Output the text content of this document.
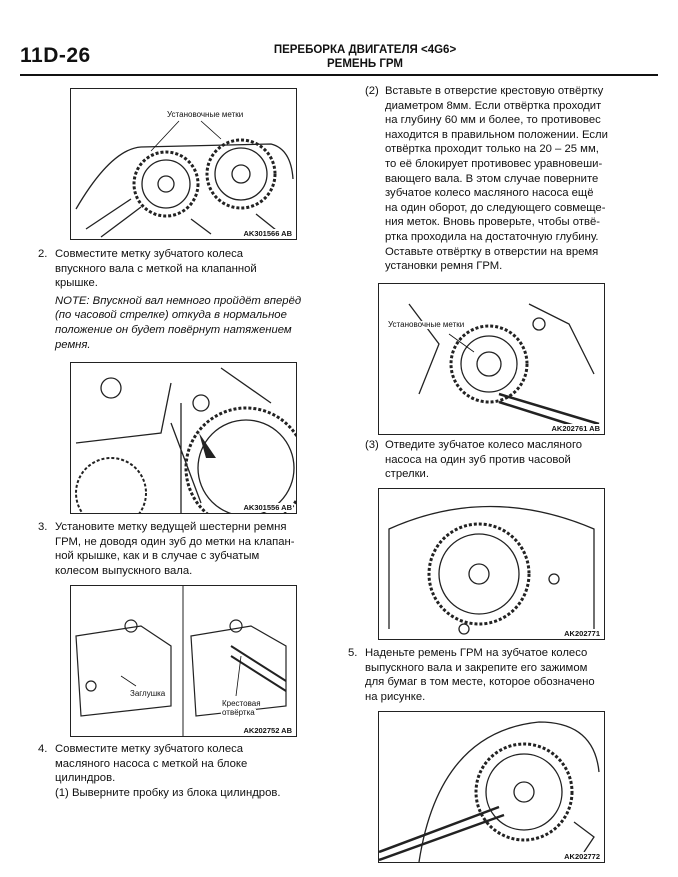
11D-26	ПЕРЕБОРКА ДВИГАТЕЛЯ <4G6>
РЕМЕНЬ ГРМ
Установочные метки
AK301566 AB
2. Совместите метку зубчатого колеса
впускного вала с меткой на клапанной
крышке.
NOTE: Впускной вал немного пройдёт вперёд
(по часовой стрелке) откуда в нормальное
положение он будет повёрнут натяжением
ремня.
AK301556 AB
3. Установите метку ведущей шестерни ремня
ГРМ, не доводя один зуб до метки на клапан-
ной крышке, как и в случае с зубчатым
колесом выпускного вала.
Заглушка
Крестовая
отвёртка
AK202752 AB
4. Совместите метку зубчатого колеса
масляного насоса с меткой на блоке
цилиндров.
(1) Выверните пробку из блока цилиндров.
(2) Вставьте в отверстие крестовую отвёртку
диаметром 8мм. Если отвёртка проходит
на глубину 60 мм и более, то противовес
находится в правильном положении. Если
отвёртка проходит только на 20 – 25 мм,
то её блокирует противовес уравновеши-
вающего вала. В этом случае поверните
зубчатое колесо масляного насоса ещё
на один оборот, до следующего совмеще-
ния меток. Вновь проверьте, чтобы отвё-
ртка проходила на достаточную глубину.
Оставьте отвёртку в отверстии на время
установки ремня ГРМ.
Установочные метки
AK202761 AB
(3) Отведите зубчатое колесо масляного
насоса на один зуб против часовой
стрелки.
AK202771
5. Наденьте ремень ГРМ на зубчатое колесо
выпускного вала и закрепите его зажимом
для бумаг в том месте, которое обозначено
на рисунке.
AK202772
